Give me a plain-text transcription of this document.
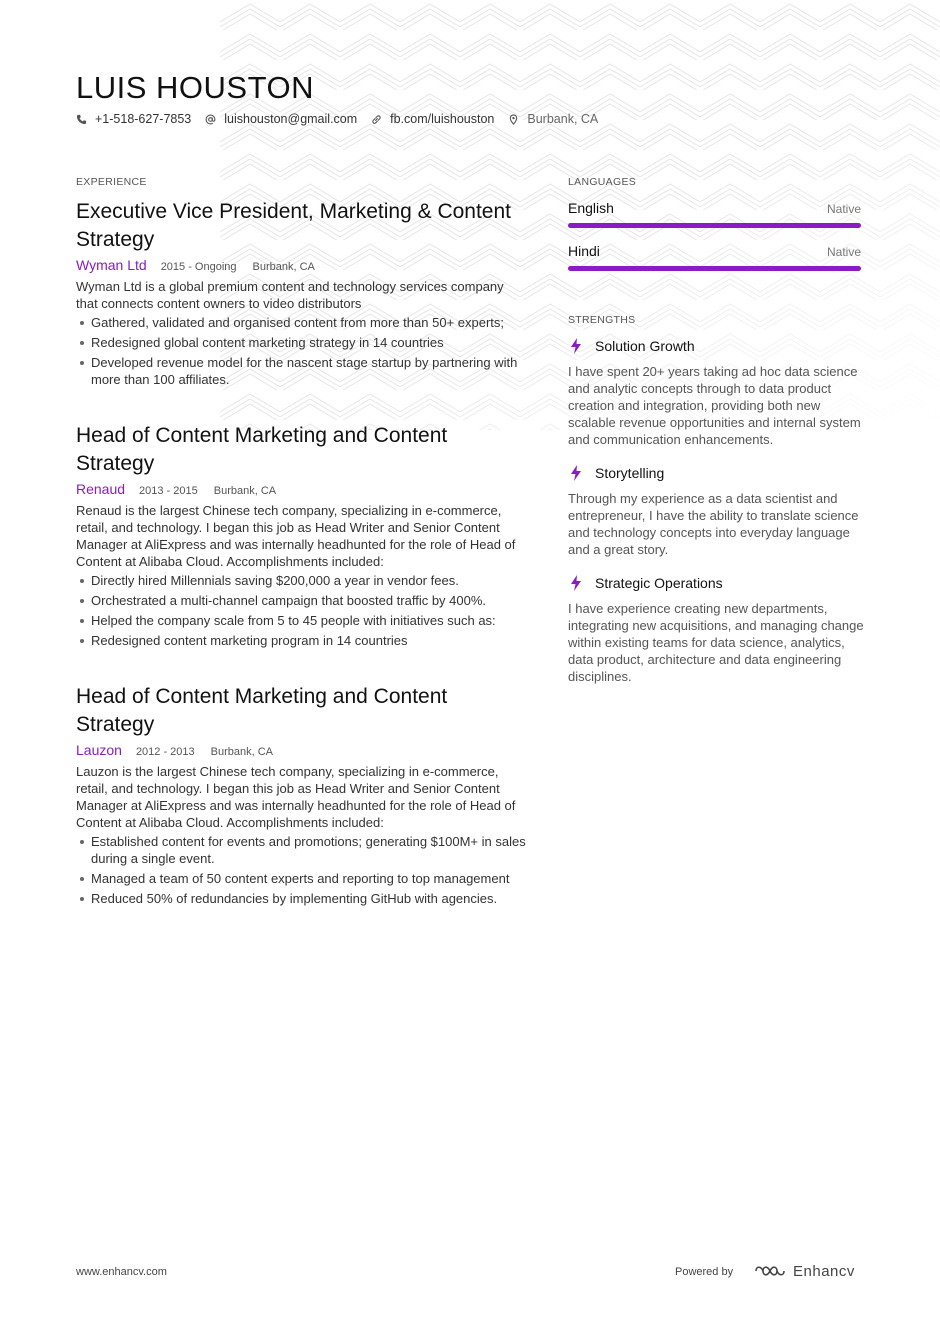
LUIS HOUSTON
+1-518-627-7853	luishouston@gmail.com	fb.com/luishouston	Burbank, CA
EXPERIENCE
Executive Vice President, Marketing & Content Strategy
Wyman Ltd 2015 - Ongoing Burbank, CA

Wyman Ltd is a global premium content and technology services company that connects content owners to video distributors

Gathered, validated and organised content from more than 50+ experts;
Redesigned global content marketing strategy in 14 countries
Developed revenue model for the nascent stage startup by partnering with more than 100 affiliates.
Head of Content Marketing and Content Strategy
Renaud 2013 - 2015 Burbank, CA

Renaud is the largest Chinese tech company, specializing in e-commerce, retail, and technology. I began this job as Head Writer and Senior Content Manager at AliExpress and was internally headhunted for the role of Head of Content at Alibaba Cloud. Accomplishments included:

Directly hired Millennials saving $200,000 a year in vendor fees.
Orchestrated a multi-channel campaign that boosted traffic by 400%.
Helped the company scale from 5 to 45 people with initiatives such as:
Redesigned content marketing program in 14 countries
Head of Content Marketing and Content Strategy
Lauzon 2012 - 2013 Burbank, CA

Lauzon is the largest Chinese tech company, specializing in e-commerce, retail, and technology. I began this job as Head Writer and Senior Content Manager at AliExpress and was internally headhunted for the role of Head of Content at Alibaba Cloud. Accomplishments included:

Established content for events and promotions; generating $100M+ in sales during a single event.
Managed a team of 50 content experts and reporting to top management
Reduced 50% of redundancies by implementing GitHub with agencies.
LANGUAGES
English	Native
Hindi	Native
STRENGTHS
Solution Growth

I have spent 20+ years taking ad hoc data science and analytic concepts through to data product creation and integration, providing both new scalable revenue opportunities and internal system and communication enhancements.

Storytelling

Through my experience as a data scientist and entrepreneur, I have the ability to translate science and technology concepts into everyday language and a great story.

Strategic Operations

I have experience creating new departments, integrating new acquisitions, and managing change within existing teams for data science, analytics, data product, architecture and data engineering disciplines.

www.enhancv.com	Powered by	Enhancv
